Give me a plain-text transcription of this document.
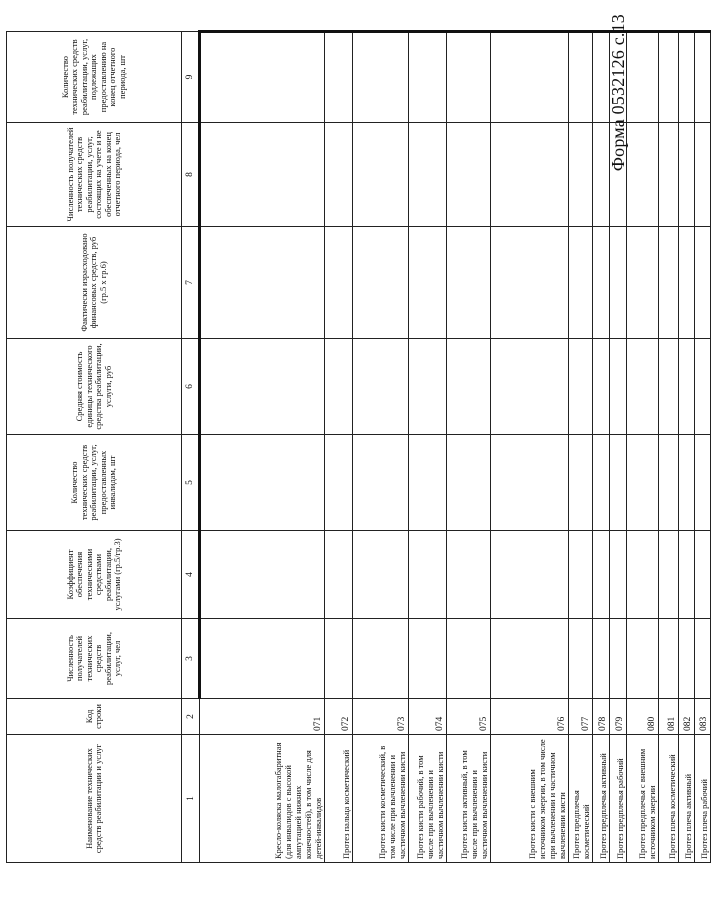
Форма 0532126 с.13
Наименование технических средств реабилитации и услуг	Код строки	Численность получателей технических средств реабилитации, услуг, чел	Коэффициент обеспечения техническими средствами реабилитации, услугами (гр.5/гр.3)	Количество технических средств реабилитации, услуг, предоставленных инвалидам, шт	Средняя стоимость единицы технического средства реабилитации, услуги, руб	Фактически израсходовано финансовых средств, руб (гр.5 х гр.6)	Численность получателей технических средств реабилитации, услуг, состоящих на учете и не обеспеченных на конец отчетного периода, чел	Количество технических средств реабилитации, услуг, подлежащих предоставлению на конец отчетного периода, шт
1	2	3	4	5	6	7	8	9
Кресло-коляска малогабаритная (для инвалидов с высокой ампутацией нижних конечностей), в том числе для детей-инвалидов	071							
Протез пальца косметический	072							
Протез кисти косметический, в том числе при вычленении и частичном вычленении кисти	073							
Протез кисти рабочий, в том числе при вычленении и частичном вычленении кисти	074							
Протез кисти активный, в том числе при вычленении и частичном вычленении кисти	075							
Протез кисти с внешним источником энергии, в том числе при вычленении и частичном вычленении кисти	076							
Протез предплечья косметический	077							
Протез предплечья активный	078							
Протез предплечья рабочий	079							
Протез предплечья с внешним источником энергии	080							
Протез плеча косметический	081							
Протез плеча активный	082							
Протез плеча рабочий	083							
